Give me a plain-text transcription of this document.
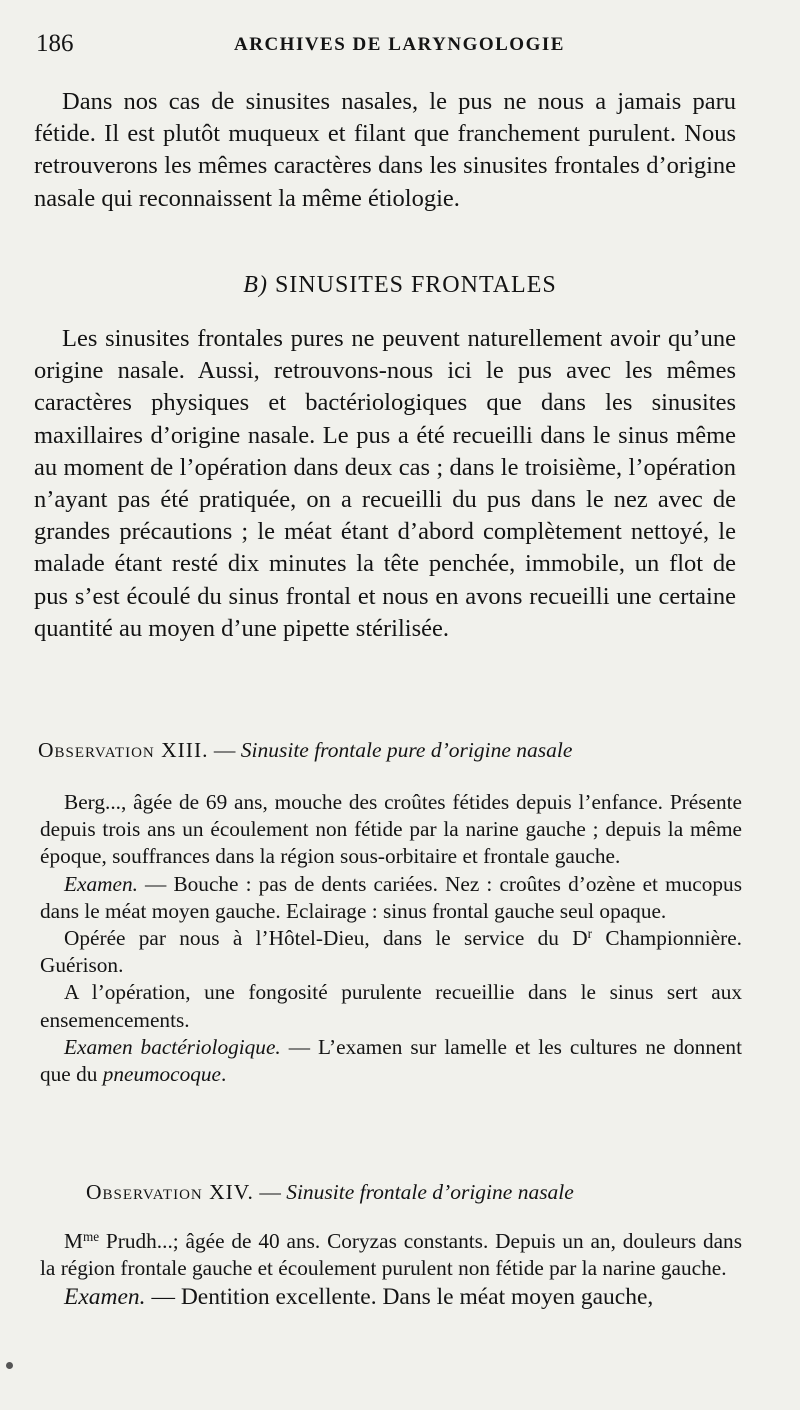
186	ARCHIVES DE LARYNGOLOGIE

Dans nos cas de sinusites nasales, le pus ne nous a jamais paru fétide. Il est plutôt muqueux et filant que franchement purulent. Nous retrouverons les mêmes caractères dans les sinusites frontales d’origine nasale qui reconnaissent la même étiologie.

B) SINUSITES FRONTALES

Les sinusites frontales pures ne peuvent naturellement avoir qu’une origine nasale. Aussi, retrouvons-nous ici le pus avec les mêmes caractères physiques et bactériologiques que dans les sinusites maxillaires d’origine nasale. Le pus a été recueilli dans le sinus même au moment de l’opération dans deux cas ; dans le troisième, l’opération n’ayant pas été pratiquée, on a recueilli du pus dans le nez avec de grandes précautions ; le méat étant d’abord complètement nettoyé, le malade étant resté dix minutes la tête penchée, immobile, un flot de pus s’est écoulé du sinus frontal et nous en avons recueilli une certaine quantité au moyen d’une pipette stérilisée.

Observation XIII. — Sinusite frontale pure d’origine nasale

Berg..., âgée de 69 ans, mouche des croûtes fétides depuis l’enfance. Présente depuis trois ans un écoulement non fétide par la narine gauche ; depuis la même époque, souffrances dans la région sous-orbitaire et frontale gauche.

Examen. — Bouche : pas de dents cariées. Nez : croûtes d’ozène et mucopus dans le méat moyen gauche. Eclairage : sinus frontal gauche seul opaque.

Opérée par nous à l’Hôtel-Dieu, dans le service du $D^r$ Championnière. Guérison.

A l’opération, une fongosité purulente recueillie dans le sinus sert aux ensemencements.

Examen bactériologique. — L’examen sur lamelle et les cultures ne donnent que du pneumocoque.

Observation XIV. — Sinusite frontale d’origine nasale

$M^{me}$ Prudh...; âgée de 40 ans. Coryzas constants. Depuis un an, douleurs dans la région frontale gauche et écoulement purulent non fétide par la narine gauche.

Examen. — Dentition excellente. Dans le méat moyen gauche,
